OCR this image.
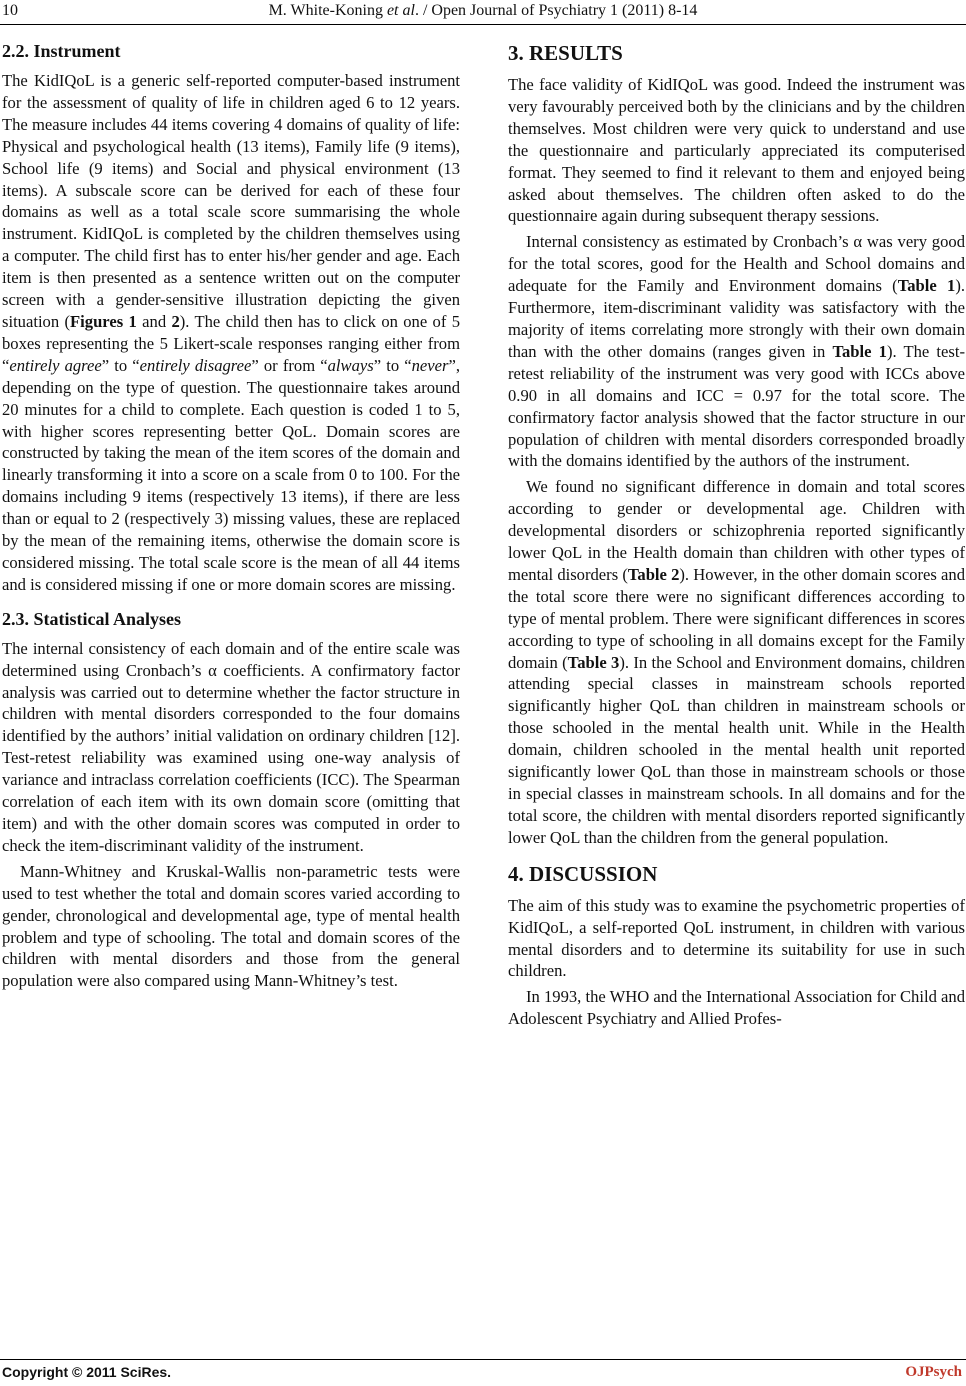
10	M. White-Koning et al. / Open Journal of Psychiatry 1 (2011) 8-14
2.2. Instrument

The KidIQoL is a generic self-reported computer-based instrument for the assessment of quality of life in children aged 6 to 12 years. The measure includes 44 items covering 4 domains of quality of life: Physical and psychological health (13 items), Family life (9 items), School life (9 items) and Social and physical environment (13 items). A subscale score can be derived for each of these four domains as well as a total scale score summarising the whole instrument. KidIQoL is completed by the children themselves using a computer. The child first has to enter his/her gender and age. Each item is then presented as a sentence written out on the computer screen with a gender-sensitive illustration depicting the given situation (Figures 1 and 2). The child then has to click on one of 5 boxes representing the 5 Likert-scale responses ranging either from “entirely agree” to “entirely disagree” or from “always” to “never”, depending on the type of question. The questionnaire takes around 20 minutes for a child to complete. Each question is coded 1 to 5, with higher scores representing better QoL. Domain scores are constructed by taking the mean of the item scores of the domain and linearly transforming it into a score on a scale from 0 to 100. For the domains including 9 items (respectively 13 items), if there are less than or equal to 2 (respectively 3) missing values, these are replaced by the mean of the remaining items, otherwise the domain score is considered missing. The total scale score is the mean of all 44 items and is considered missing if one or more domain scores are missing.

2.3. Statistical Analyses

The internal consistency of each domain and of the entire scale was determined using Cronbach’s α coefficients. A confirmatory factor analysis was carried out to determine whether the factor structure in children with mental disorders corresponded to the four domains identified by the authors’ initial validation on ordinary children [12]. Test-retest reliability was examined using one-way analysis of variance and intraclass correlation coefficients (ICC). The Spearman correlation of each item with its own domain score (omitting that item) and with the other domain scores was computed in order to check the item-discriminant validity of the instrument.

Mann-Whitney and Kruskal-Wallis non-parametric tests were used to test whether the total and domain scores varied according to gender, chronological and developmental age, type of mental health problem and type of schooling. The total and domain scores of the children with mental disorders and those from the general population were also compared using Mann-Whitney’s test.

3. RESULTS

The face validity of KidIQoL was good. Indeed the instrument was very favourably perceived both by the clinicians and by the children themselves. Most children were very quick to understand and use the questionnaire and particularly appreciated its computerised format. They seemed to find it relevant to them and enjoyed being asked about themselves. The children often asked to do the questionnaire again during subsequent therapy sessions.

Internal consistency as estimated by Cronbach’s α was very good for the total scores, good for the Health and School domains and adequate for the Family and Environment domains (Table 1). Furthermore, item-discriminant validity was satisfactory with the majority of items correlating more strongly with their own domain than with the other domains (ranges given in Table 1). The test-retest reliability of the instrument was very good with ICCs above 0.90 in all domains and ICC = 0.97 for the total score. The confirmatory factor analysis showed that the factor structure in our population of children with mental disorders corresponded broadly with the domains identified by the authors of the instrument.

We found no significant difference in domain and total scores according to gender or developmental age. Children with developmental disorders or schizophrenia reported significantly lower QoL in the Health domain than children with other types of mental disorders (Table 2). However, in the other domain scores and the total score there were no significant differences according to type of mental problem. There were significant differences in scores according to type of schooling in all domains except for the Family domain (Table 3). In the School and Environment domains, children attending special classes in mainstream schools reported significantly higher QoL than children in mainstream schools or those schooled in the mental health unit. While in the Health domain, children schooled in the mental health unit reported significantly lower QoL than those in mainstream schools or those in special classes in mainstream schools. In all domains and for the total score, the children with mental disorders reported significantly lower QoL than the children from the general population.

4. DISCUSSION

The aim of this study was to examine the psychometric properties of KidIQoL, a self-reported QoL instrument, in children with various mental disorders and to determine its suitability for use in such children.

In 1993, the WHO and the International Association for Child and Adolescent Psychiatry and Allied Profes-

Copyright © 2011 SciRes.	OJPsych
